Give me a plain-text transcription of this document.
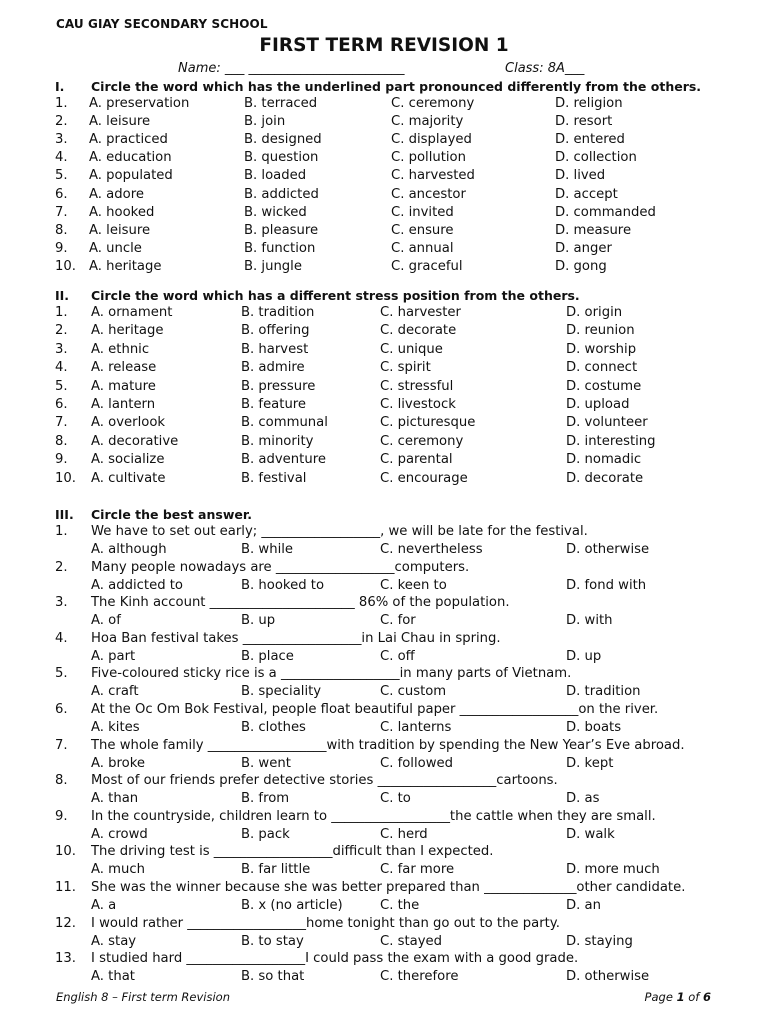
CAU GIAY SECONDARY SCHOOL
FIRST TERM REVISION 1
Name: ___ ________________________	Class: 8A___
I. Circle the word which has the underlined part pronounced differently from the others.
1. A. preservation	B. terraced	C. ceremony	D. religion
2. A. leisure	B. join	C. majority	D. resort
3. A. practiced	B. designed	C. displayed	D. entered
4. A. education	B. question	C. pollution	D. collection
5. A. populated	B. loaded	C. harvested	D. lived
6. A. adore	B. addicted	C. ancestor	D. accept
7. A. hooked	B. wicked	C. invited	D. commanded
8. A. leisure	B. pleasure	C. ensure	D. measure
9. A. uncle	B. function	C. annual	D. anger
10. A. heritage	B. jungle	C. graceful	D. gong
II. Circle the word which has a different stress position from the others.
1. A. ornament	B. tradition	C. harvester	D. origin
2. A. heritage	B. offering	C. decorate	D. reunion
3. A. ethnic	B. harvest	C. unique	D. worship
4. A. release	B. admire	C. spirit	D. connect
5. A. mature	B. pressure	C. stressful	D. costume
6. A. lantern	B. feature	C. livestock	D. upload
7. A. overlook	B. communal	C. picturesque	D. volunteer
8. A. decorative	B. minority	C. ceremony	D. interesting
9. A. socialize	B. adventure	C. parental	D. nomadic
10. A. cultivate	B. festival	C. encourage	D. decorate
III. Circle the best answer.
1. We have to set out early; __________________, we will be late for the festival.
A. although	B. while	C. nevertheless	D. otherwise
2. Many people nowadays are __________________computers.
A. addicted to	B. hooked to	C. keen to	D. fond with
3. The Kinh account ______________________ 86% of the population.
A. of	B. up	C. for	D. with
4. Hoa Ban festival takes __________________in Lai Chau in spring.
A. part	B. place	C. off	D. up
5. Five-coloured sticky rice is a __________________in many parts of Vietnam.
A. craft	B. speciality	C. custom	D. tradition
6. At the Oc Om Bok Festival, people float beautiful paper __________________on the river.
A. kites	B. clothes	C. lanterns	D. boats
7. The whole family __________________with tradition by spending the New Year’s Eve abroad.
A. broke	B. went	C. followed	D. kept
8. Most of our friends prefer detective stories __________________cartoons.
A. than	B. from	C. to	D. as
9. In the countryside, children learn to __________________the cattle when they are small.
A. crowd	B. pack	C. herd	D. walk
10. The driving test is __________________difficult than I expected.
A. much	B. far little	C. far more	D. more much
11. She was the winner because she was better prepared than ______________other candidate.
A. a	B. x (no article)	C. the	D. an
12. I would rather __________________home tonight than go out to the party.
A. stay	B. to stay	C. stayed	D. staying
13. I studied hard __________________I could pass the exam with a good grade.
A. that	B. so that	C. therefore	D. otherwise
English 8 – First term Revision	Page 1 of 6
